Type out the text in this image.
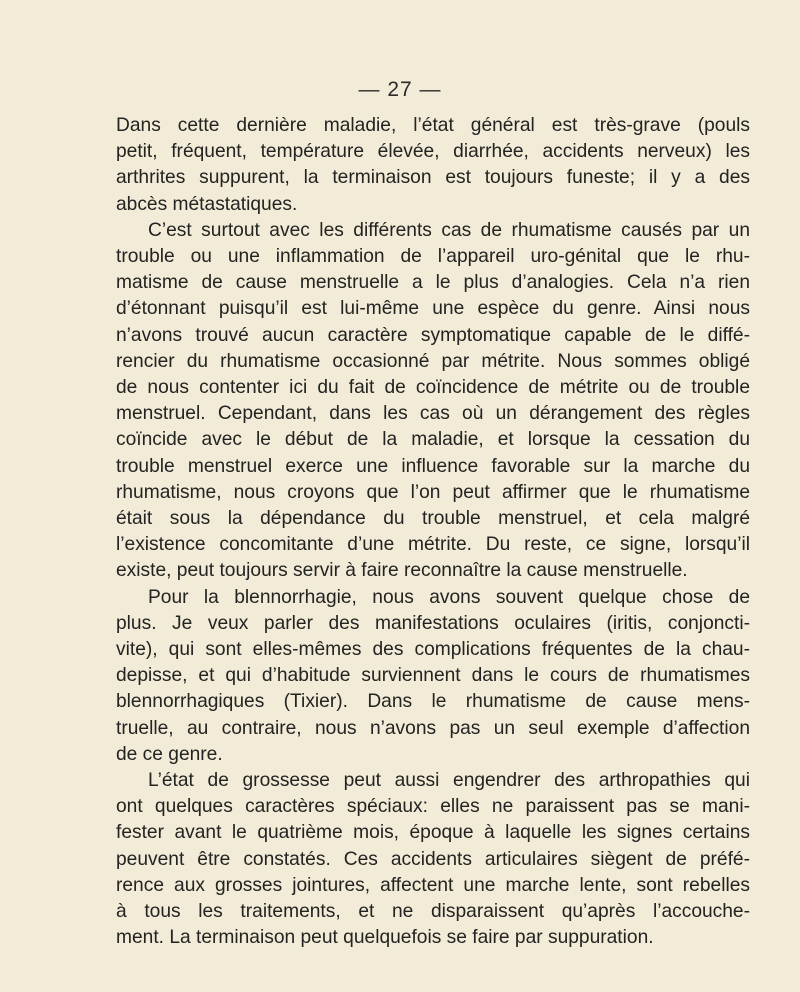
— 27 —
Dans cette dernière maladie, l’état général est très-grave (pouls
petit, fréquent, température élevée, diarrhée, accidents nerveux) les
arthrites suppurent, la terminaison est toujours funeste; il y a des
abcès métastatiques.
C’est surtout avec les différents cas de rhumatisme causés par un
trouble ou une inflammation de l’appareil uro-génital que le rhu-
matisme de cause menstruelle a le plus d’analogies. Cela n’a rien
d’étonnant puisqu’il est lui-même une espèce du genre. Ainsi nous
n’avons trouvé aucun caractère symptomatique capable de le diffé-
rencier du rhumatisme occasionné par métrite. Nous sommes obligé
de nous contenter ici du fait de coïncidence de métrite ou de trouble
menstruel. Cependant, dans les cas où un dérangement des règles
coïncide avec le début de la maladie, et lorsque la cessation du
trouble menstruel exerce une influence favorable sur la marche du
rhumatisme, nous croyons que l’on peut affirmer que le rhumatisme
était sous la dépendance du trouble menstruel, et cela malgré
l’existence concomitante d’une métrite. Du reste, ce signe, lorsqu’il
existe, peut toujours servir à faire reconnaître la cause menstruelle.
Pour la blennorrhagie, nous avons souvent quelque chose de
plus. Je veux parler des manifestations oculaires (iritis, conjoncti-
vite), qui sont elles-mêmes des complications fréquentes de la chau-
depisse, et qui d’habitude surviennent dans le cours de rhumatismes
blennorrhagiques (Tixier). Dans le rhumatisme de cause mens-
truelle, au contraire, nous n’avons pas un seul exemple d’affection
de ce genre.
L’état de grossesse peut aussi engendrer des arthropathies qui
ont quelques caractères spéciaux: elles ne paraissent pas se mani-
fester avant le quatrième mois, époque à laquelle les signes certains
peuvent être constatés. Ces accidents articulaires siègent de préfé-
rence aux grosses jointures, affectent une marche lente, sont rebelles
à tous les traitements, et ne disparaissent qu’après l’accouche-
ment. La terminaison peut quelquefois se faire par suppuration.
